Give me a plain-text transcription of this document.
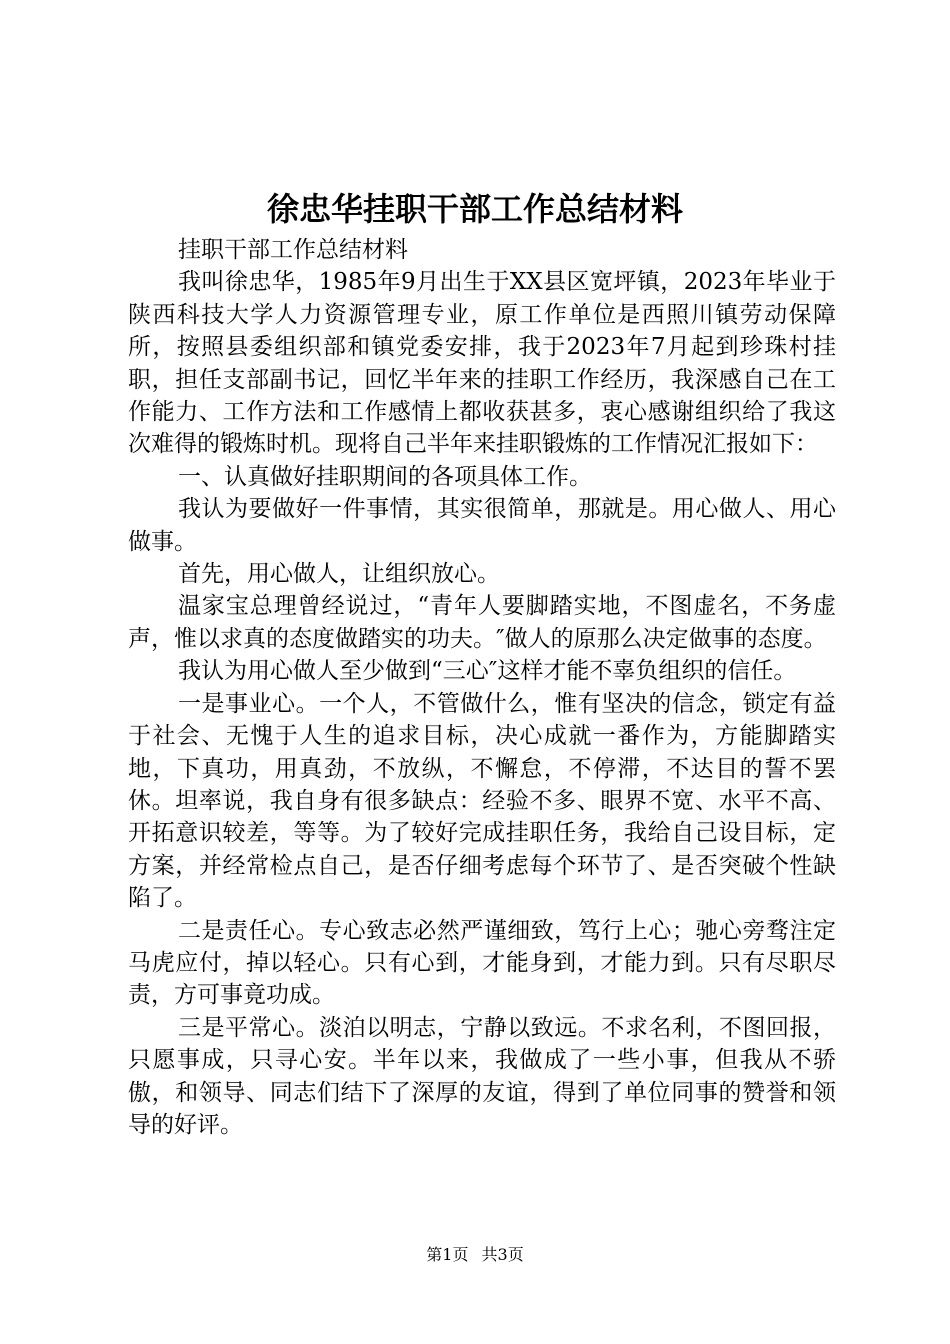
徐忠华挂职干部工作总结材料

挂职干部工作总结材料

我叫徐忠华，1985年9月出生于XX县区宽坪镇，2023年毕业于陕西科技大学人力资源管理专业，原工作单位是西照川镇劳动保障所，按照县委组织部和镇党委安排，我于2023年7月起到珍珠村挂职，担任支部副书记，回忆半年来的挂职工作经历，我深感自己在工作能力、工作方法和工作感情上都收获甚多，衷心感谢组织给了我这次难得的锻炼时机。现将自己半年来挂职锻炼的工作情况汇报如下：

一、认真做好挂职期间的各项具体工作。

我认为要做好一件事情，其实很简单，那就是。用心做人、用心做事。

首先，用心做人，让组织放心。

温家宝总理曾经说过，“青年人要脚踏实地，不图虚名，不务虚声，惟以求真的态度做踏实的功夫。″做人的原那么决定做事的态度。

我认为用心做人至少做到“三心″这样才能不辜负组织的信任。

一是事业心。一个人，不管做什么，惟有坚决的信念，锁定有益于社会、无愧于人生的追求目标，决心成就一番作为，方能脚踏实地，下真功，用真劲，不放纵，不懈怠，不停滞，不达目的誓不罢休。坦率说，我自身有很多缺点：经验不多、眼界不宽、水平不高、开拓意识较差，等等。为了较好完成挂职任务，我给自己设目标，定方案，并经常检点自己，是否仔细考虑每个环节了、是否突破个性缺陷了。

二是责任心。专心致志必然严谨细致，笃行上心；驰心旁骛注定马虎应付，掉以轻心。只有心到，才能身到，才能力到。只有尽职尽责，方可事竟功成。

三是平常心。淡泊以明志，宁静以致远。不求名利，不图回报，只愿事成，只寻心安。半年以来，我做成了一些小事，但我从不骄傲，和领导、同志们结下了深厚的友谊，得到了单位同事的赞誉和领导的好评。

第1页 共3页
